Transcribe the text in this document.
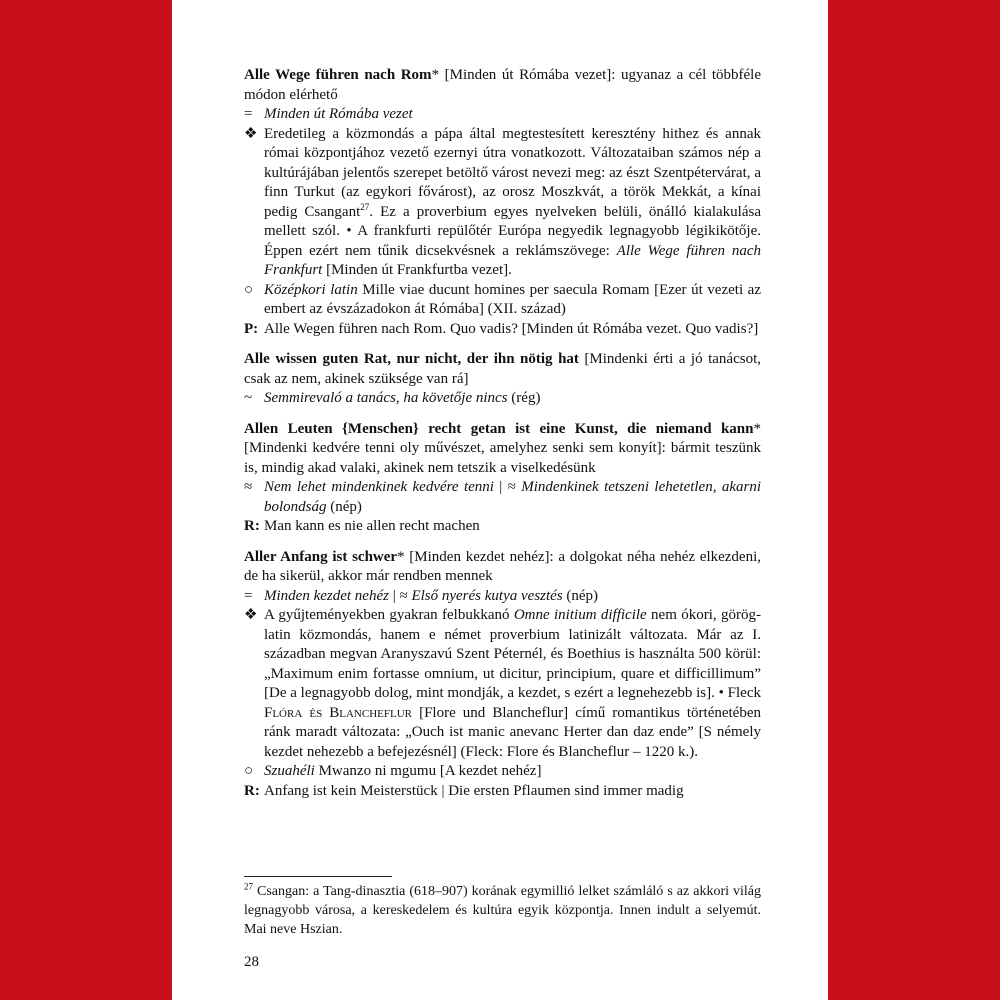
Alle Wege führen nach Rom* [Minden út Rómába vezet]: ugyanaz a cél többféle módon elérhető

= Minden út Rómába vezet
❖ Eredetileg a közmondás a pápa által megtestesített keresztény hithez és annak római központjához vezető ezernyi útra vonatkozott. Változataiban számos nép a kultúrájában jelentős szerepet betöltő várost nevezi meg: az észt Szentpétervárat, a finn Turkut (az egykori fővárost), az orosz Moszkvát, a török Mekkát, a kínai pedig Csangant$^{27}$. Ez a proverbium egyes nyelveken belüli, önálló kialakulása mellett szól. • A frankfurti repülőtér Európa negyedik legnagyobb légikikötője. Éppen ezért nem tűnik dicsekvésnek a reklámszövege: Alle Wege führen nach Frankfurt [Minden út Frankfurtba vezet].
○ Középkori latin Mille viae ducunt homines per saecula Romam [Ezer út vezeti az embert az évszázadokon át Rómába] (XII. század)
P: Alle Wegen führen nach Rom. Quo vadis? [Minden út Rómába vezet. Quo vadis?]

Alle wissen guten Rat, nur nicht, der ihn nötig hat [Mindenki érti a jó tanácsot, csak az nem, akinek szüksége van rá]

~ Semmirevaló a tanács, ha követője nincs (rég)

Allen Leuten {Menschen} recht getan ist eine Kunst, die niemand kann* [Mindenki kedvére tenni oly művészet, amelyhez senki sem konyít]: bármit teszünk is, mindig akad valaki, akinek nem tetszik a viselkedésünk

≈ Nem lehet mindenkinek kedvére tenni | ≈ Mindenkinek tetszeni lehetetlen, akarni bolondság (nép)
R: Man kann es nie allen recht machen

Aller Anfang ist schwer* [Minden kezdet nehéz]: a dolgokat néha nehéz elkezdeni, de ha sikerül, akkor már rendben mennek

= Minden kezdet nehéz | ≈ Első nyerés kutya vesztés (nép)
❖ A gyűjteményekben gyakran felbukkanó Omne initium difficile nem ókori, görög-latin közmondás, hanem e német proverbium latinizált változata. Már az I. században megvan Aranyszavú Szent Péternél, és Boethius is használta 500 körül: „Maximum enim fortasse omnium, ut dicitur, principium, quare et difficillimum” [De a legnagyobb dolog, mint mondják, a kezdet, s ezért a legnehezebb is]. • Fleck Flóra és Blancheflur [Flore und Blancheflur] című romantikus történetében ránk maradt változata: „Ouch ist manic anevanc Herter dan daz ende” [S némely kezdet nehezebb a befejezésnél] (Fleck: Flore és Blancheflur – 1220 k.).
○ Szuahéli Mwanzo ni mgumu [A kezdet nehéz]
R: Anfang ist kein Meisterstück | Die ersten Pflaumen sind immer madig

$^{27}$ Csangan: a Tang-dinasztia (618–907) korának egymillió lelket számláló s az akkori világ legnagyobb városa, a kereskedelem és kultúra egyik központja. Innen indult a selyemút. Mai neve Hszian.

28
